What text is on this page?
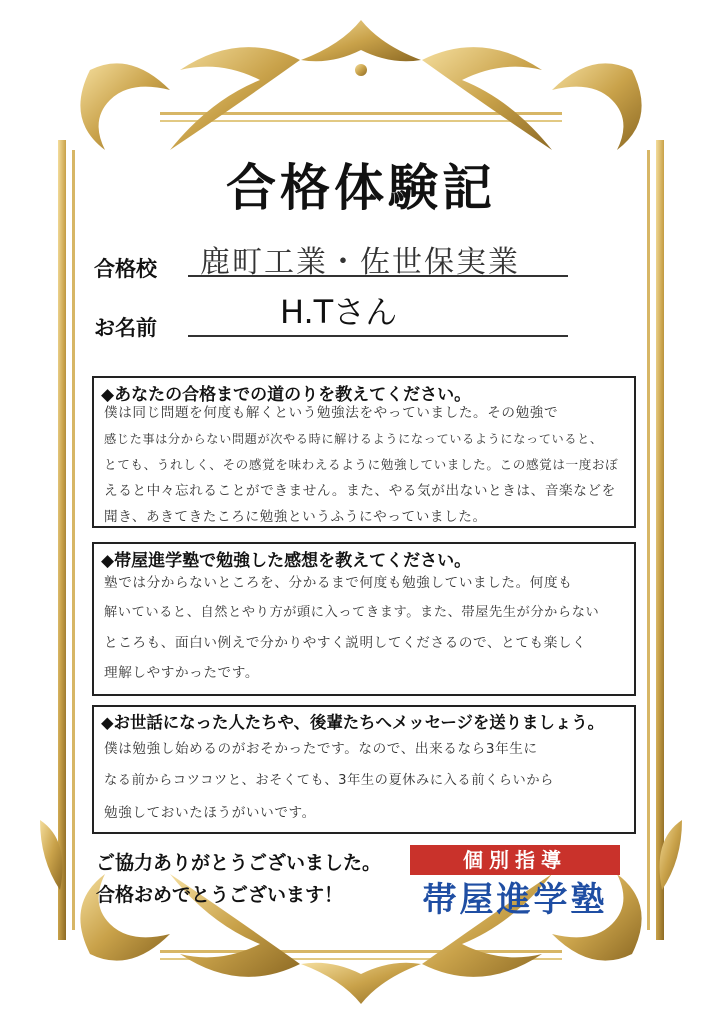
合格体験記
合格校 鹿町工業・佐世保実業
お名前	H.Tさん
◆あなたの合格までの道のりを教えてください。
僕は同じ問題を何度も解くという勉強法をやっていました。その勉強で
感じた事は分からない問題が次やる時に解けるようになっているようになっていると、
とても、うれしく、その感覚を味わえるように勉強していました。この感覚は一度おぼ
えると中々忘れることができません。また、やる気が出ないときは、音楽などを
聞き、あきてきたころに勉強というふうにやっていました。
◆帯屋進学塾で勉強した感想を教えてください。
塾では分からないところを、分かるまで何度も勉強していました。何度も
解いていると、自然とやり方が頭に入ってきます。また、帯屋先生が分からない
ところも、面白い例えで分かりやすく説明してくださるので、とても楽しく
理解しやすかったです。
◆お世話になった人たちや、後輩たちへメッセージを送りましょう。
僕は勉強し始めるのがおそかったです。なので、出来るなら3年生に
なる前からコツコツと、おそくても、3年生の夏休みに入る前くらいから
勉強しておいたほうがいいです。
ご協力ありがとうございました。
合格おめでとうございます！
個別指導
帯屋進学塾
